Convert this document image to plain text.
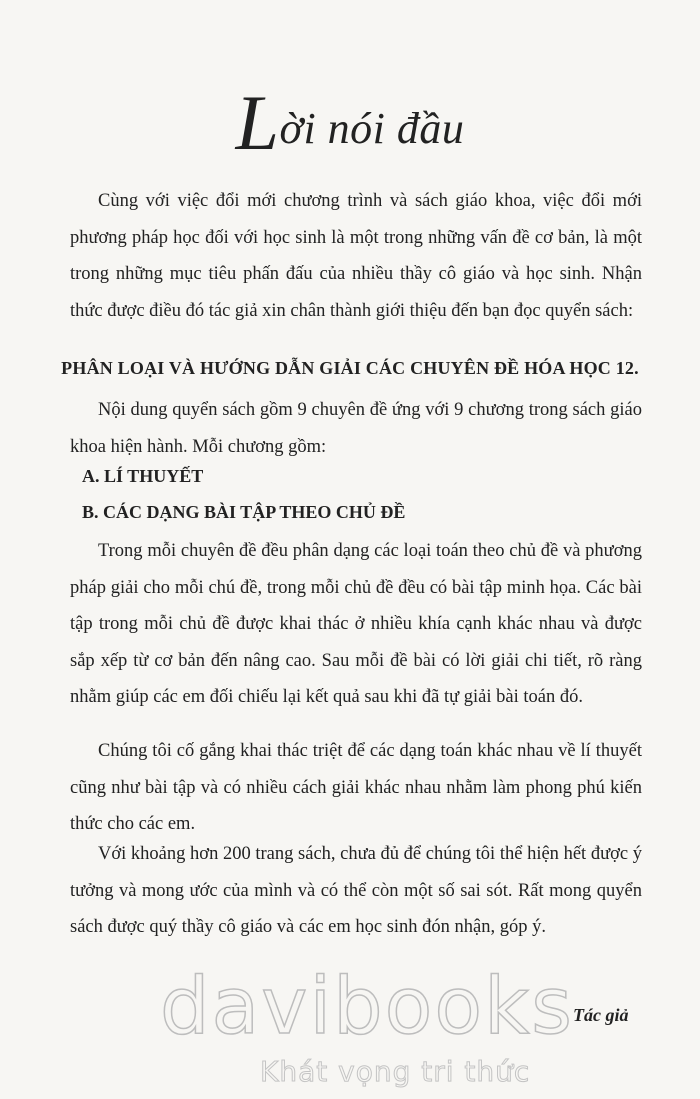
Lời nói đầu
Cùng với việc đổi mới chương trình và sách giáo khoa, việc đổi mới phương pháp học đối với học sinh là một trong những vấn đề cơ bản, là một trong những mục tiêu phấn đấu của nhiều thầy cô giáo và học sinh. Nhận thức được điều đó tác giả xin chân thành giới thiệu đến bạn đọc quyển sách:
PHÂN LOẠI VÀ HƯỚNG DẪN GIẢI CÁC CHUYÊN ĐỀ HÓA HỌC 12.
Nội dung quyển sách gồm 9 chuyên đề ứng với 9 chương trong sách giáo khoa hiện hành. Mỗi chương gồm:
A. LÍ THUYẾT
B. CÁC DẠNG BÀI TẬP THEO CHỦ ĐỀ
Trong mỗi chuyên đề đều phân dạng các loại toán theo chủ đề và phương pháp giải cho mỗi chú đề, trong mỗi chủ đề đều có bài tập minh họa. Các bài tập trong mỗi chủ đề được khai thác ở nhiều khía cạnh khác nhau và được sắp xếp từ cơ bản đến nâng cao. Sau mỗi đề bài có lời giải chi tiết, rõ ràng nhằm giúp các em đối chiếu lại kết quả sau khi đã tự giải bài toán đó.
Chúng tôi cố gắng khai thác triệt để các dạng toán khác nhau về lí thuyết cũng như bài tập và có nhiều cách giải khác nhau nhằm làm phong phú kiến thức cho các em.
Với khoảng hơn 200 trang sách, chưa đủ để chúng tôi thể hiện hết được ý tưởng và mong ước của mình và có thể còn một số sai sót. Rất mong quyển sách được quý thầy cô giáo và các em học sinh đón nhận, góp ý.
davibooks Tác giả
Khát vọng tri thức
